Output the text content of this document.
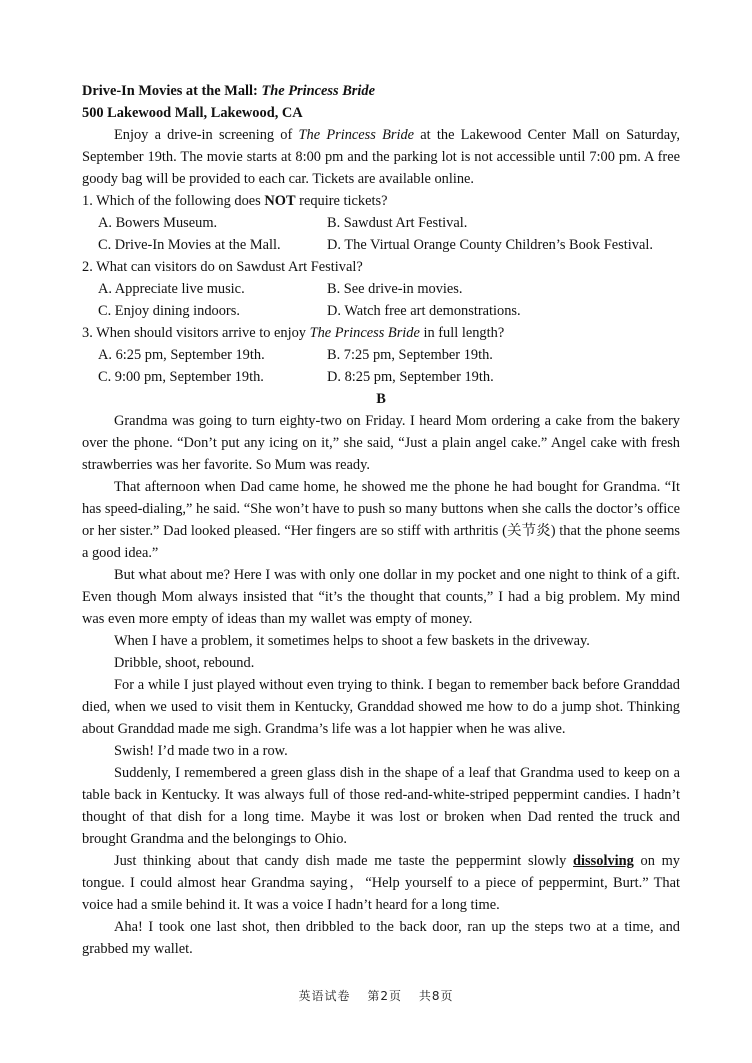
Drive-In Movies at the Mall: The Princess Bride

500 Lakewood Mall, Lakewood, CA

Enjoy a drive-in screening of The Princess Bride at the Lakewood Center Mall on Saturday, September 19th. The movie starts at 8:00 pm and the parking lot is not accessible until 7:00 pm. A free goody bag will be provided to each car. Tickets are available online.

1. Which of the following does NOT require tickets?

A. Bowers Museum.	B. Sawdust Art Festival.
C. Drive-In Movies at the Mall.	D. The Virtual Orange County Children’s Book Festival.

2. What can visitors do on Sawdust Art Festival?

A. Appreciate live music.	B. See drive-in movies.
C. Enjoy dining indoors.	D. Watch free art demonstrations.

3. When should visitors arrive to enjoy The Princess Bride in full length?

A. 6:25 pm, September 19th.	B. 7:25 pm, September 19th.
C. 9:00 pm, September 19th.	D. 8:25 pm, September 19th.

B

Grandma was going to turn eighty-two on Friday. I heard Mom ordering a cake from the bakery over the phone. “Don’t put any icing on it,” she said, “Just a plain angel cake.” Angel cake with fresh strawberries was her favorite. So Mum was ready.

That afternoon when Dad came home, he showed me the phone he had bought for Grandma. “It has speed-dialing,” he said. “She won’t have to push so many buttons when she calls the doctor’s office or her sister.” Dad looked pleased. “Her fingers are so stiff with arthritis (关节炎) that the phone seems a good idea.”

But what about me? Here I was with only one dollar in my pocket and one night to think of a gift. Even though Mom always insisted that “it’s the thought that counts,” I had a big problem. My mind was even more empty of ideas than my wallet was empty of money.

When I have a problem, it sometimes helps to shoot a few baskets in the driveway.

Dribble, shoot, rebound.

For a while I just played without even trying to think. I began to remember back before Granddad died, when we used to visit them in Kentucky, Granddad showed me how to do a jump shot. Thinking about Granddad made me sigh. Grandma’s life was a lot happier when he was alive.

Swish! I’d made two in a row.

Suddenly, I remembered a green glass dish in the shape of a leaf that Grandma used to keep on a table back in Kentucky. It was always full of those red-and-white-striped peppermint candies. I hadn’t thought of that dish for a long time. Maybe it was lost or broken when Dad rented the truck and brought Grandma and the belongings to Ohio.

Just thinking about that candy dish made me taste the peppermint slowly dissolving on my tongue. I could almost hear Grandma saying，“Help yourself to a piece of peppermint, Burt.” That voice had a smile behind it. It was a voice I hadn’t heard for a long time.

Aha! I took one last shot, then dribbled to the back door, ran up the steps two at a time, and grabbed my wallet.

英语试卷 第2页 共8页
